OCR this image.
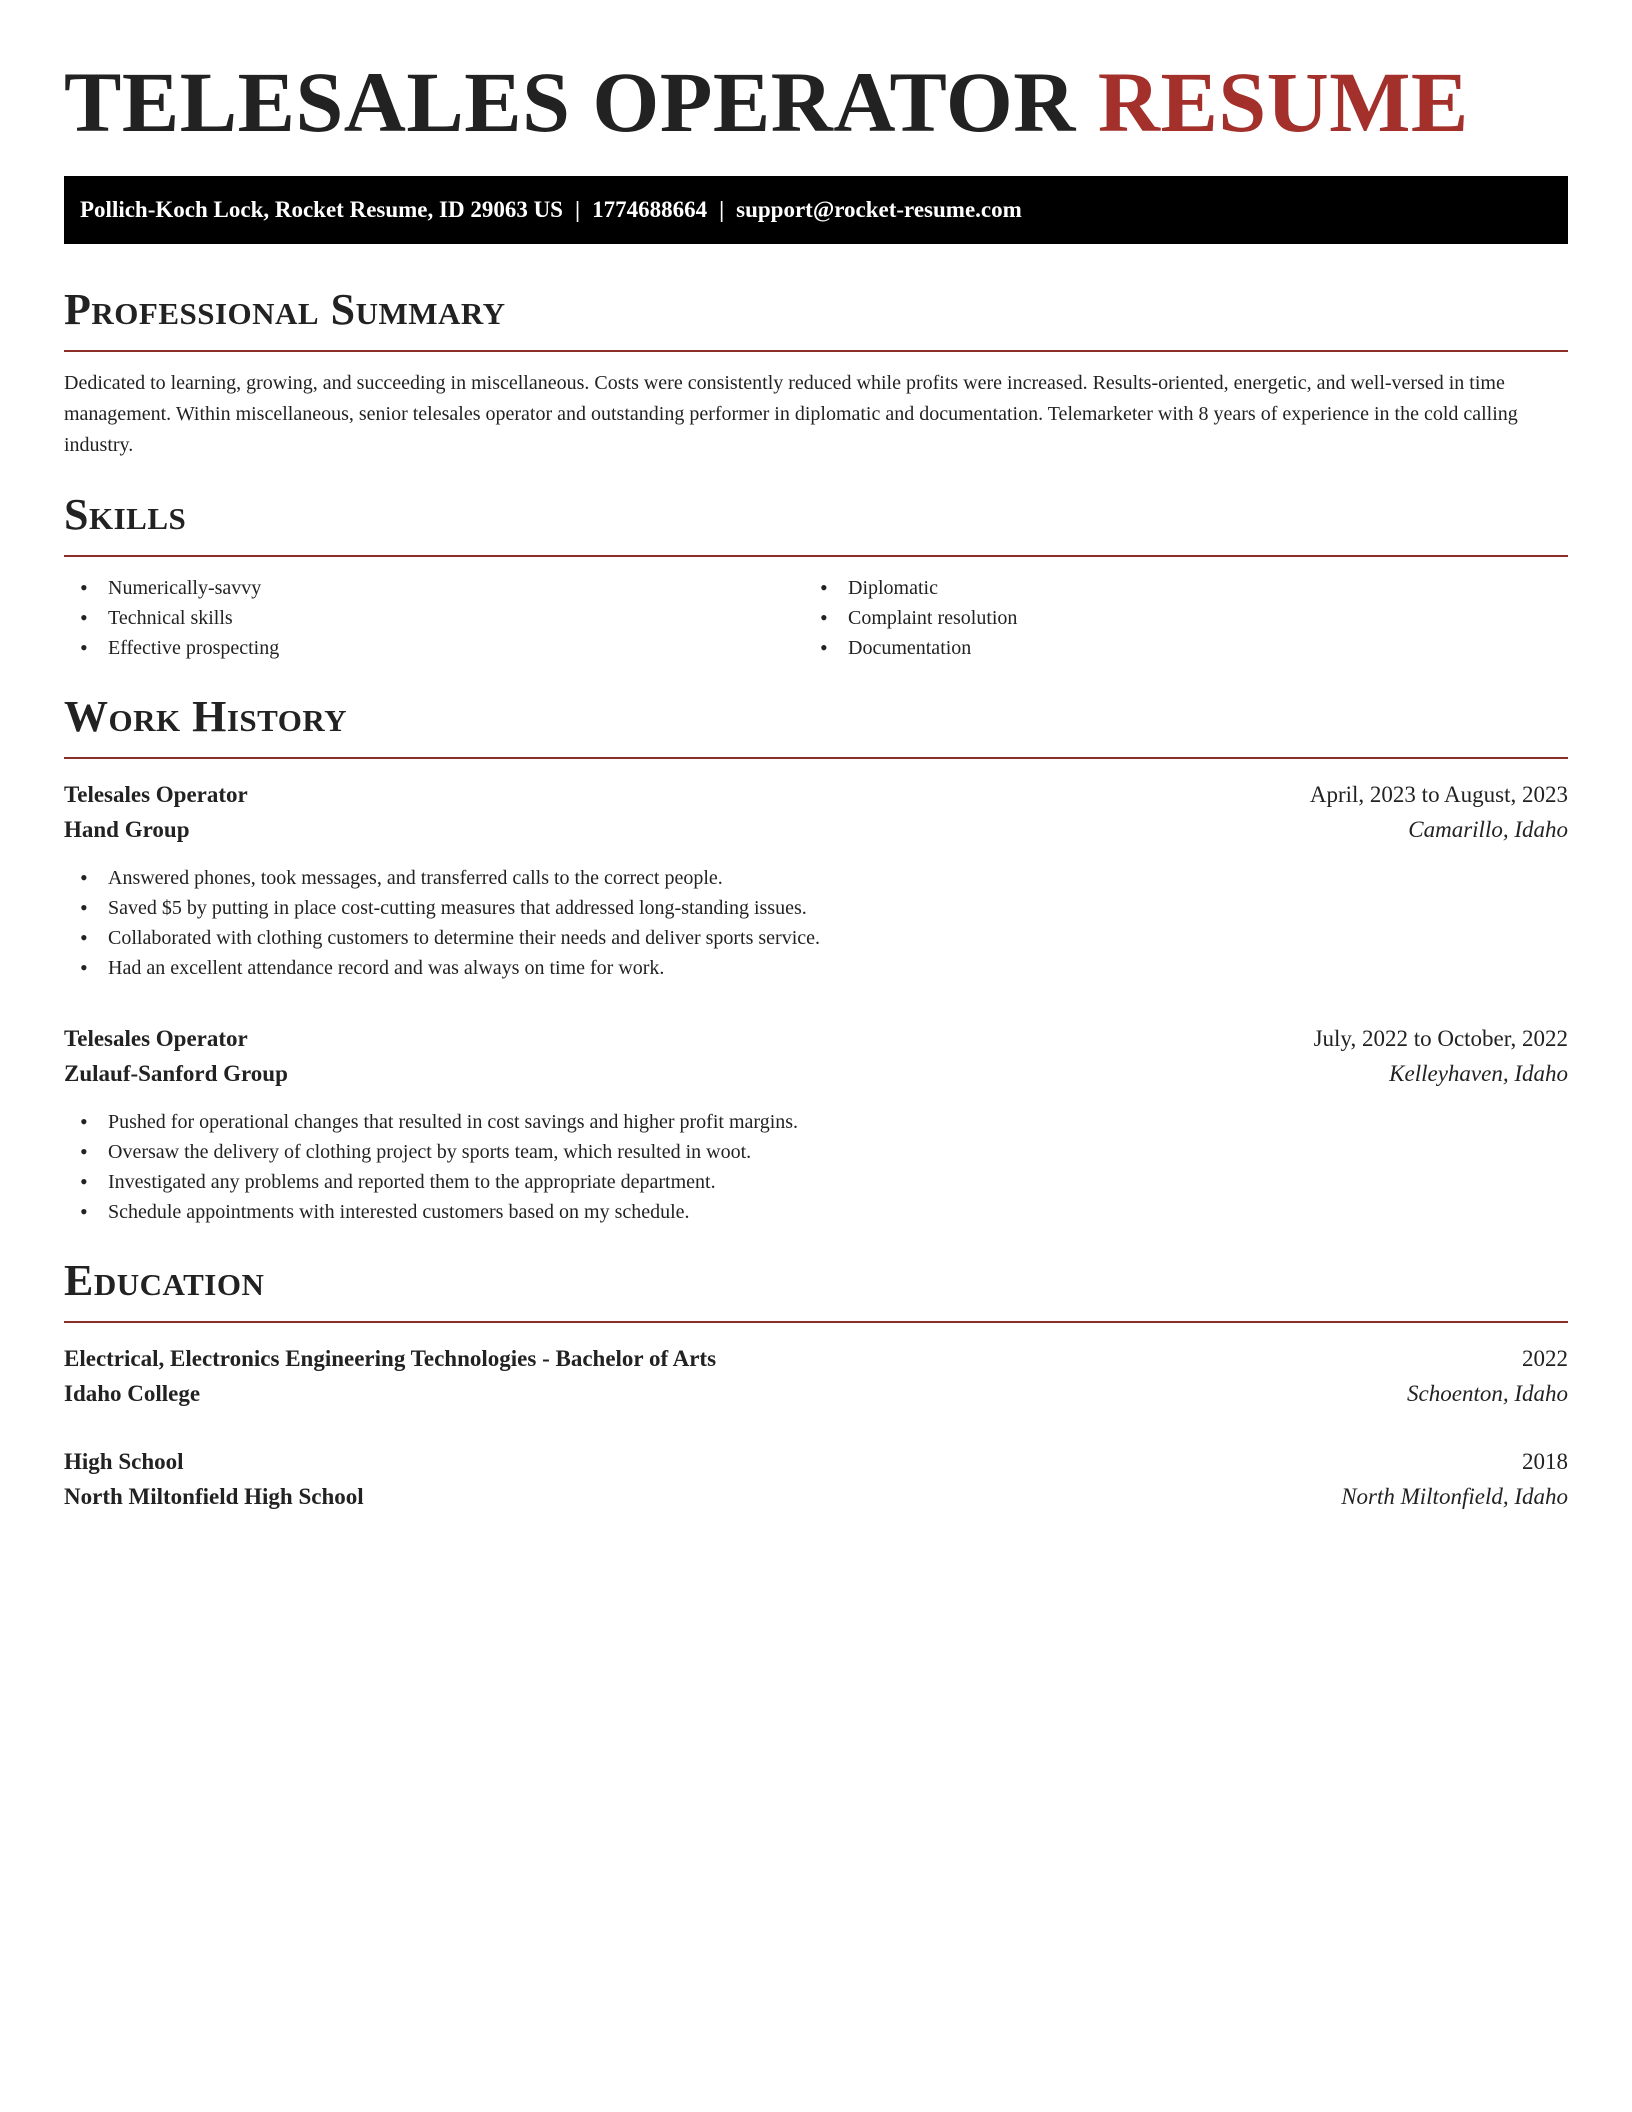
TELESALES OPERATOR RESUME
Pollich-Koch Lock, Rocket Resume, ID 29063 US | 1774688664 | support@rocket-resume.com
Professional Summary

Dedicated to learning, growing, and succeeding in miscellaneous. Costs were consistently reduced while profits were increased. Results-oriented, energetic, and well-versed in time management. Within miscellaneous, senior telesales operator and outstanding performer in diplomatic and documentation. Telemarketer with 8 years of experience in the cold calling industry.

Skills
• Numerically-savvy
• Technical skills
• Effective prospecting
• Diplomatic
• Complaint resolution
• Documentation
Work History
Telesales Operator	April, 2023 to August, 2023
Hand Group	Camarillo, Idaho
• Answered phones, took messages, and transferred calls to the correct people.
• Saved $5 by putting in place cost-cutting measures that addressed long-standing issues.
• Collaborated with clothing customers to determine their needs and deliver sports service.
• Had an excellent attendance record and was always on time for work.
Telesales Operator	July, 2022 to October, 2022
Zulauf-Sanford Group	Kelleyhaven, Idaho
• Pushed for operational changes that resulted in cost savings and higher profit margins.
• Oversaw the delivery of clothing project by sports team, which resulted in woot.
• Investigated any problems and reported them to the appropriate department.
• Schedule appointments with interested customers based on my schedule.
Education
Electrical, Electronics Engineering Technologies - Bachelor of Arts	2022
Idaho College	Schoenton, Idaho
High School	2018
North Miltonfield High School	North Miltonfield, Idaho
